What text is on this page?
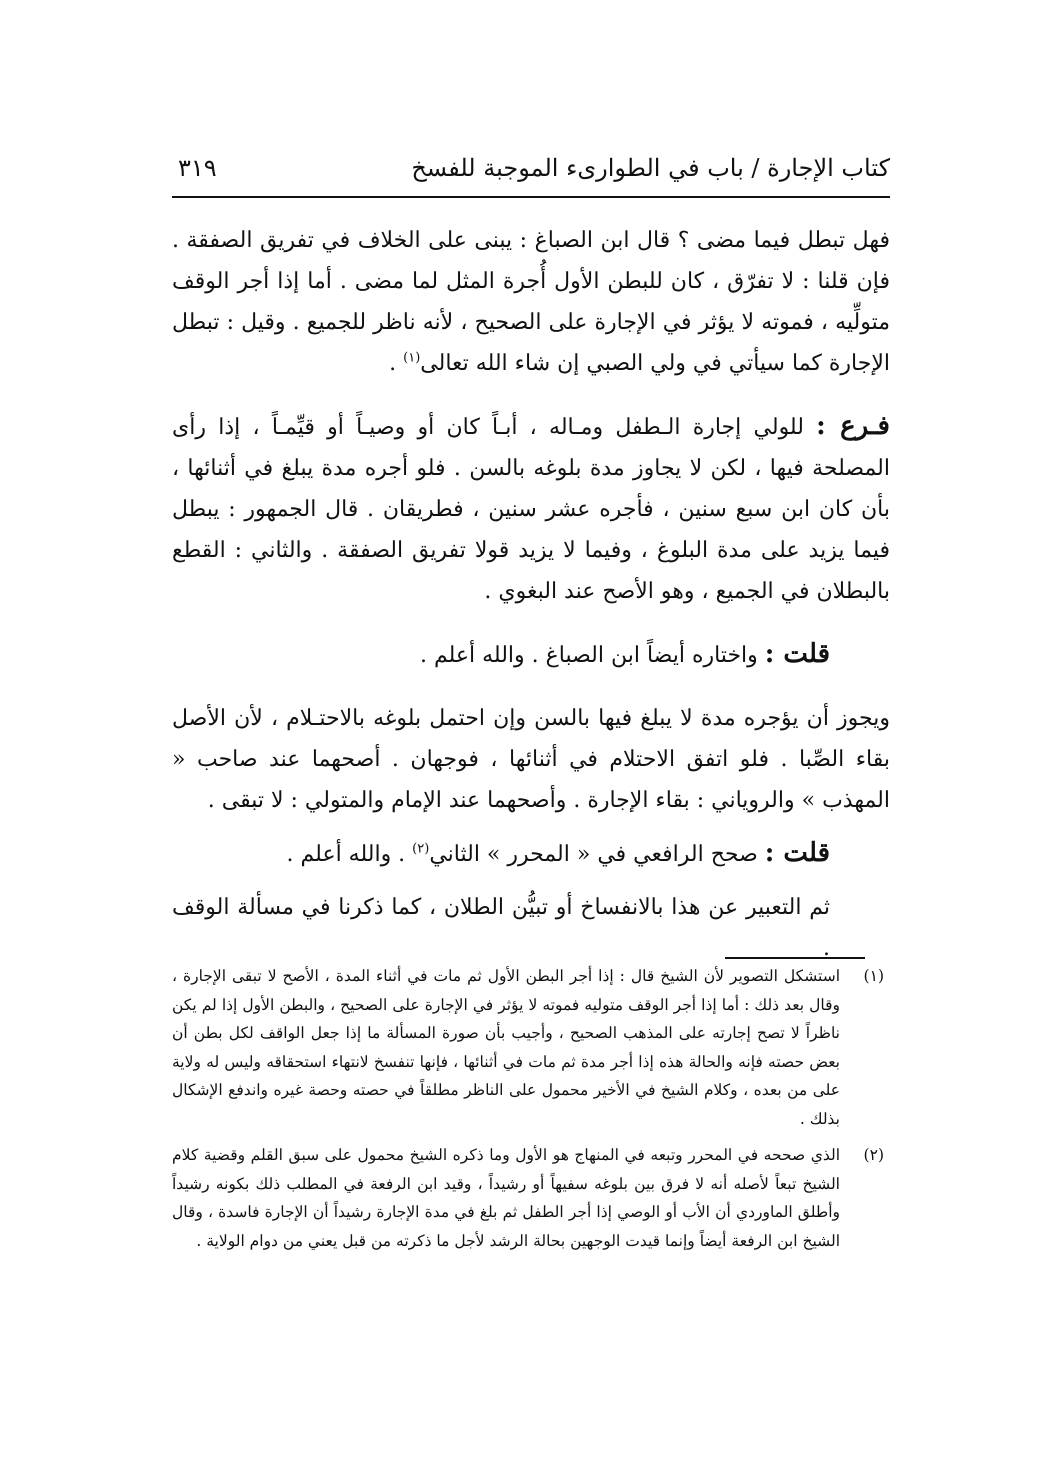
كتاب الإجارة / باب في الطوارىء الموجبة للفسخ
٣١٩

فهل تبطل فيما مضى ؟ قال ابن الصباغ : يبنى على الخلاف في تفريق الصفقة . فإن قلنا : لا تفرّق ، كان للبطن الأول أُجرة المثل لما مضى . أما إذا أجر الوقف متولِّيه ، فموته لا يؤثر في الإجارة على الصحيح ، لأنه ناظر للجميع . وقيل : تبطل الإجارة كما سيأتي في ولي الصبي إن شاء الله تعالى$^{(١)}$ .

فـرع : للولي إجارة الـطفل ومـاله ، أبـاً كان أو وصيـاً أو قيِّمـاً ، إذا رأى المصلحة فيها ، لكن لا يجاوز مدة بلوغه بالسن . فلو أجره مدة يبلغ في أثنائها ، بأن كان ابن سبع سنين ، فأجره عشر سنين ، فطريقان . قال الجمهور : يبطل فيما يزيد على مدة البلوغ ، وفيما لا يزيد قولا تفريق الصفقة . والثاني : القطع بالبطلان في الجميع ، وهو الأصح عند البغوي .

قلت : واختاره أيضاً ابن الصباغ . والله أعلم .

ويجوز أن يؤجره مدة لا يبلغ فيها بالسن وإن احتمل بلوغه بالاحتـلام ، لأن الأصل بقاء الصِّبا . فلو اتفق الاحتلام في أثنائها ، فوجهان . أصحهما عند صاحب « المهذب » والروياني : بقاء الإجارة . وأصحهما عند الإمام والمتولي : لا تبقى .

قلت : صحح الرافعي في « المحرر » الثاني$^{(٢)}$ . والله أعلم .

ثم التعبير عن هذا بالانفساخ أو تبيُّن الطلان ، كما ذكرنا في مسألة الوقف .

(١)
استشكل التصوير لأن الشيخ قال : إذا أجر البطن الأول ثم مات في أثناء المدة ، الأصح لا تبقى الإجارة ، وقال بعد ذلك : أما إذا أجر الوقف متوليه فموته لا يؤثر في الإجارة على الصحيح ، والبطن الأول إذا لم يكن ناظراً لا تصح إجارته على المذهب الصحيح ، وأجيب بأن صورة المسألة ما إذا جعل الواقف لكل بطن أن بعض حصته فإنه والحالة هذه إذا أجر مدة ثم مات في أثنائها ، فإنها تنفسخ لانتهاء استحقاقه وليس له ولاية على من بعده ، وكلام الشيخ في الأخير محمول على الناظر مطلقاً في حصته وحصة غيره واندفع الإشكال بذلك .
(٢)
الذي صححه في المحرر وتبعه في المنهاج هو الأول وما ذكره الشيخ محمول على سبق القلم وقضية كلام الشيخ تبعاً لأصله أنه لا فرق بين بلوغه سفيهاً أو رشيداً ، وقيد ابن الرفعة في المطلب ذلك بكونه رشيداً وأطلق الماوردي أن الأب أو الوصي إذا أجر الطفل ثم بلغ في مدة الإجارة رشيداً أن الإجارة فاسدة ، وقال الشيخ ابن الرفعة أيضاً وإنما قيدت الوجهين بحالة الرشد لأجل ما ذكرته من قبل يعني من دوام الولاية .
